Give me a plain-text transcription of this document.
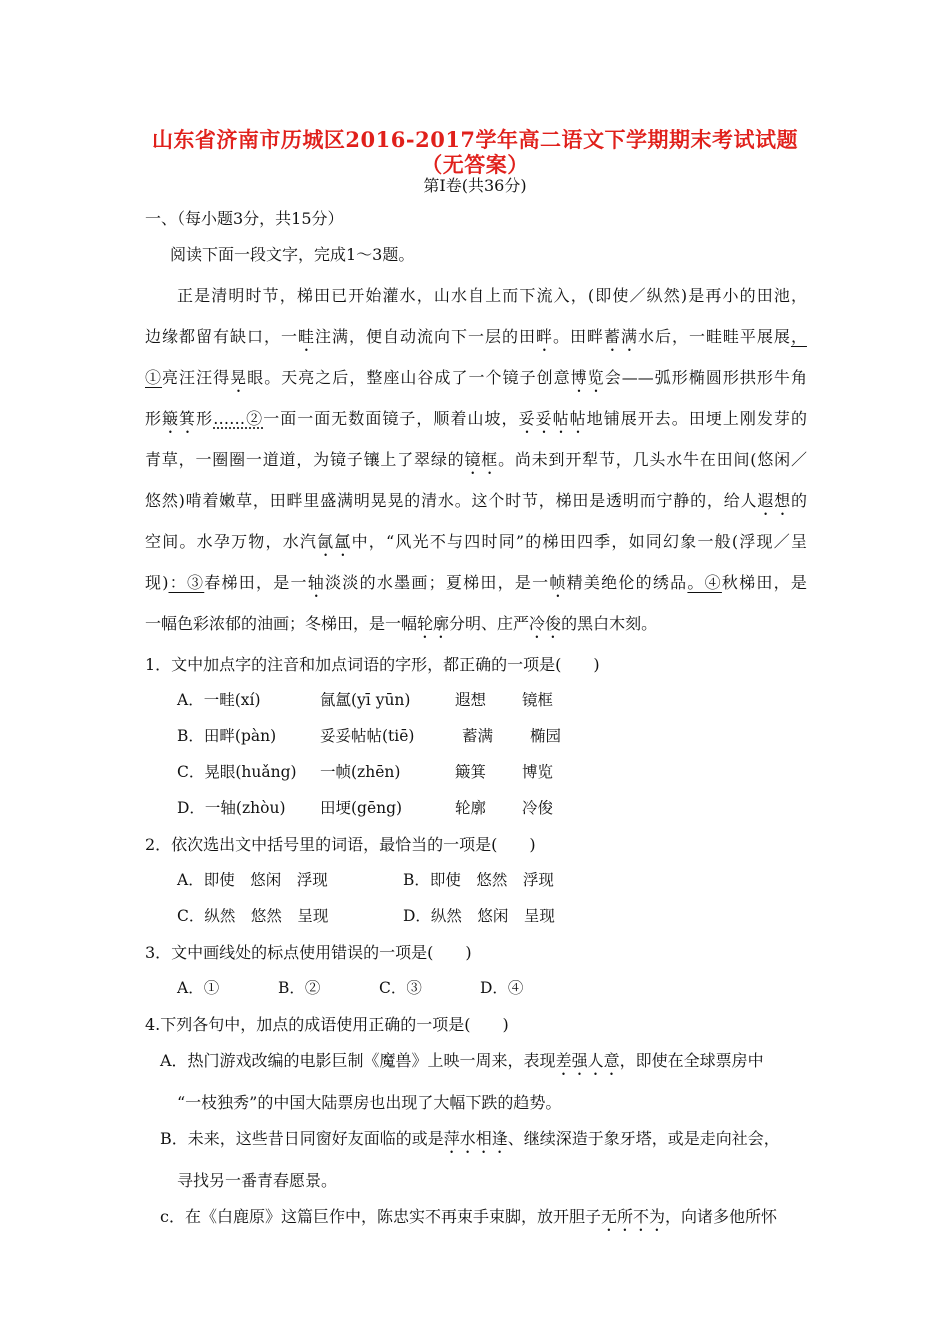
山东省济南市历城区2016-2017学年高二语文下学期期末考试试题
（无答案）
第Ⅰ卷(共36分)
一、（每小题3分，共15分）
阅读下面一段文字，完成1～3题。
正是清明时节，梯田已开始灌水，山水自上而下流入，(即使／纵然)是再小的田池，
边缘都留有缺口，一畦注满，便自动流向下一层的田畔。田畔蓄满水后，一畦畦平展展，
①亮汪汪得晃眼。天亮之后，整座山谷成了一个镜子创意博览会——弧形椭圆形拱形牛角
形簸箕形……②一面一面无数面镜子，顺着山坡，妥妥帖帖地铺展开去。田埂上刚发芽的
青草，一圈圈一道道，为镜子镶上了翠绿的镜框。尚未到开犁节，几头水牛在田间(悠闲／
悠然)啃着嫩草，田畔里盛满明晃晃的清水。这个时节，梯田是透明而宁静的，给人遐想的
空间。水孕万物，水汽氤氲中，“风光不与四时同”的梯田四季，如同幻象一般(浮现／呈
现)：③春梯田，是一轴淡淡的水墨画；夏梯田，是一帧精美绝伦的绣品。④秋梯田，是
一幅色彩浓郁的油画；冬梯田，是一幅轮廓分明、庄严冷俊的黑白木刻。
1．文中加点字的注音和加点词语的字形，都正确的一项是(　　)
A．一畦(xí)	氤氲(yī yūn)	遐想 镜框
B．田畔(pàn)	妥妥帖帖(tiē)	蓄满 椭园
C．晃眼(huǎng) 一帧(zhēn)	簸箕 博览
D．一轴(zhòu) 田埂(gēng)	轮廓 冷俊
2．依次选出文中括号里的词语，最恰当的一项是(　　)
A．即使　悠闲　浮现	B．即使　悠然　浮现
C．纵然　悠然　呈现	D．纵然　悠闲　呈现
3．文中画线处的标点使用错误的一项是(　　)
A．①	B．②	C．③	D．④
4.下列各句中，加点的成语使用正确的一项是(　　)
A．热门游戏改编的电影巨制《魔兽》上映一周来，表现差强人意，即使在全球票房中
“一枝独秀”的中国大陆票房也出现了大幅下跌的趋势。
B．未来，这些昔日同窗好友面临的或是萍水相逢、继续深造于象牙塔，或是走向社会，
寻找另一番青春愿景。
c．在《白鹿原》这篇巨作中，陈忠实不再束手束脚，放开胆子无所不为，向诸多他所怀
